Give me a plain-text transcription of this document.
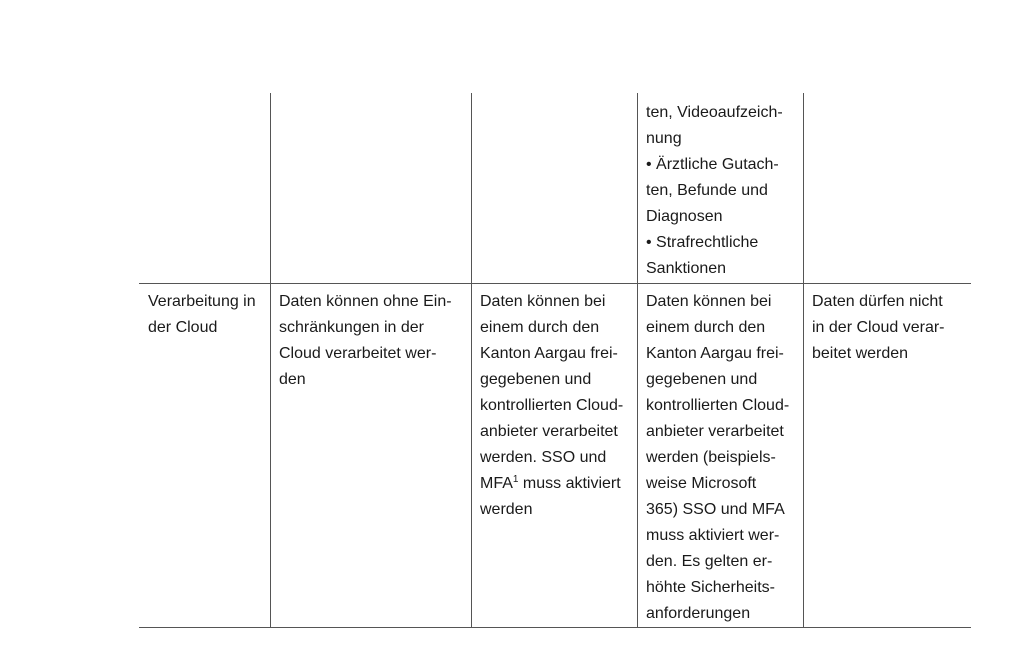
ten, Videoaufzeich-
nung
• Ärztliche Gutach-
ten, Befunde und
Diagnosen
• Strafrechtliche
Sanktionen
Verarbeitung in
der Cloud
Daten können ohne Ein-
schränkungen in der
Cloud verarbeitet wer-
den
Daten können bei
einem durch den
Kanton Aargau frei-
gegebenen und
kontrollierten Cloud-
anbieter verarbeitet
werden. SSO und
MFA$^1$ muss aktiviert
werden
Daten können bei
einem durch den
Kanton Aargau frei-
gegebenen und
kontrollierten Cloud-
anbieter verarbeitet
werden (beispiels-
weise Microsoft
365) SSO und MFA
muss aktiviert wer-
den. Es gelten er-
höhte Sicherheits-
anforderungen
Daten dürfen nicht
in der Cloud verar-
beitet werden
